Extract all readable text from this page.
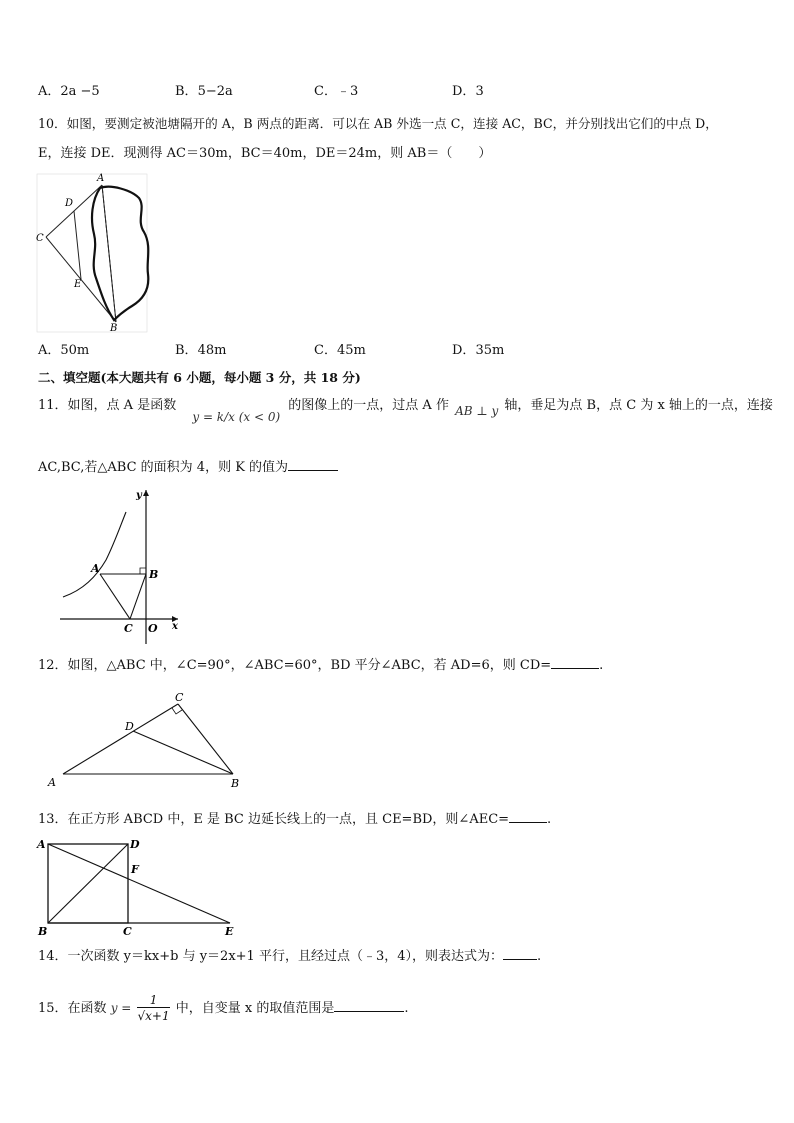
A．2a −5	B．5−2a	C．﹣3	D．3
10．如图，要测定被池塘隔开的 A，B 两点的距离．可以在 AB 外选一点 C，连接 AC，BC，并分别找出它们的中点 D，
E，连接 DE．现测得 AC＝30m，BC＝40m，DE＝24m，则 AB＝（　　）
A
D
C
E
B
A．50m	B．48m	C．45m	D．35m
二、填空题(本大题共有 6 小题，每小题 3 分，共 18 分)
11．如图，点 A 是函数 y = k/x (x < 0) 的图像上的一点，过点 A 作 AB ⊥ y 轴，垂足为点 B，点 C 为 x 轴上的一点，连接
AC,BC,若△ABC 的面积为 4，则 K 的值为
y
A	B
C O x
12．如图，△ABC 中，∠C=90°，∠ABC=60°，BD 平分∠ABC，若 AD=6，则 CD=	.
C
D
A	B
13．在正方形 ABCD 中，E 是 BC 边延长线上的一点，且 CE=BD，则∠AEC=	.
A	D
F
B	C	E
14．一次函数 y＝kx+b 与 y＝2x+1 平行，且经过点（﹣3，4），则表达式为：	.
15．在函数 $y = \frac{1}{√x+1}$ 中，自变量 x 的取值范围是	.
